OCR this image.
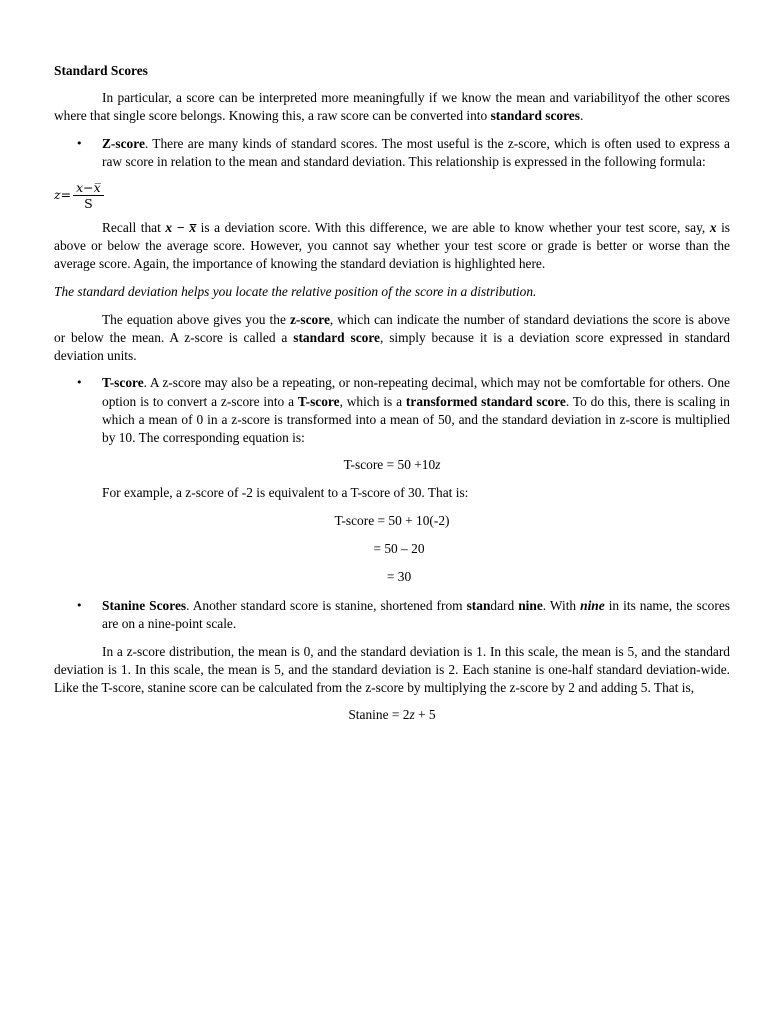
Standard Scores

In particular, a score can be interpreted more meaningfully if we know the mean and variabilityof the other scores where that single score belongs. Knowing this, a raw score can be converted into standard scores.

• Z-score. There are many kinds of standard scores. The most useful is the z-score, which is often used to express a raw score in relation to the mean and standard deviation. This relationship is expressed in the following formula:
$z= \frac{x-x̅}{S}$

Recall that x − x̅ is a deviation score. With this difference, we are able to know whether your test score, say, x is above or below the average score. However, you cannot say whether your test score or grade is better or worse than the average score. Again, the importance of knowing the standard deviation is highlighted here.

The standard deviation helps you locate the relative position of the score in a distribution.

The equation above gives you the z-score, which can indicate the number of standard deviations the score is above or below the mean. A z-score is called a standard score, simply because it is a deviation score expressed in standard deviation units.

• T-score. A z-score may also be a repeating, or non-repeating decimal, which may not be comfortable for others. One option is to convert a z-score into a T-score, which is a transformed standard score. To do this, there is scaling in which a mean of 0 in a z-score is transformed into a mean of 50, and the standard deviation in z-score is multiplied by 10. The corresponding equation is:
T-score = 50 +10z

For example, a z-score of -2 is equivalent to a T-score of 30. That is:

T-score = 50 + 10(-2)
= 50 – 20
= 30
• Stanine Scores. Another standard score is stanine, shortened from standard nine. With nine in its name, the scores are on a nine-point scale.

In a z-score distribution, the mean is 0, and the standard deviation is 1. In this scale, the mean is 5, and the standard deviation is 1. In this scale, the mean is 5, and the standard deviation is 2. Each stanine is one-half standard deviation-wide. Like the T-score, stanine score can be calculated from the z-score by multiplying the z-score by 2 and adding 5. That is,

Stanine = 2z + 5
